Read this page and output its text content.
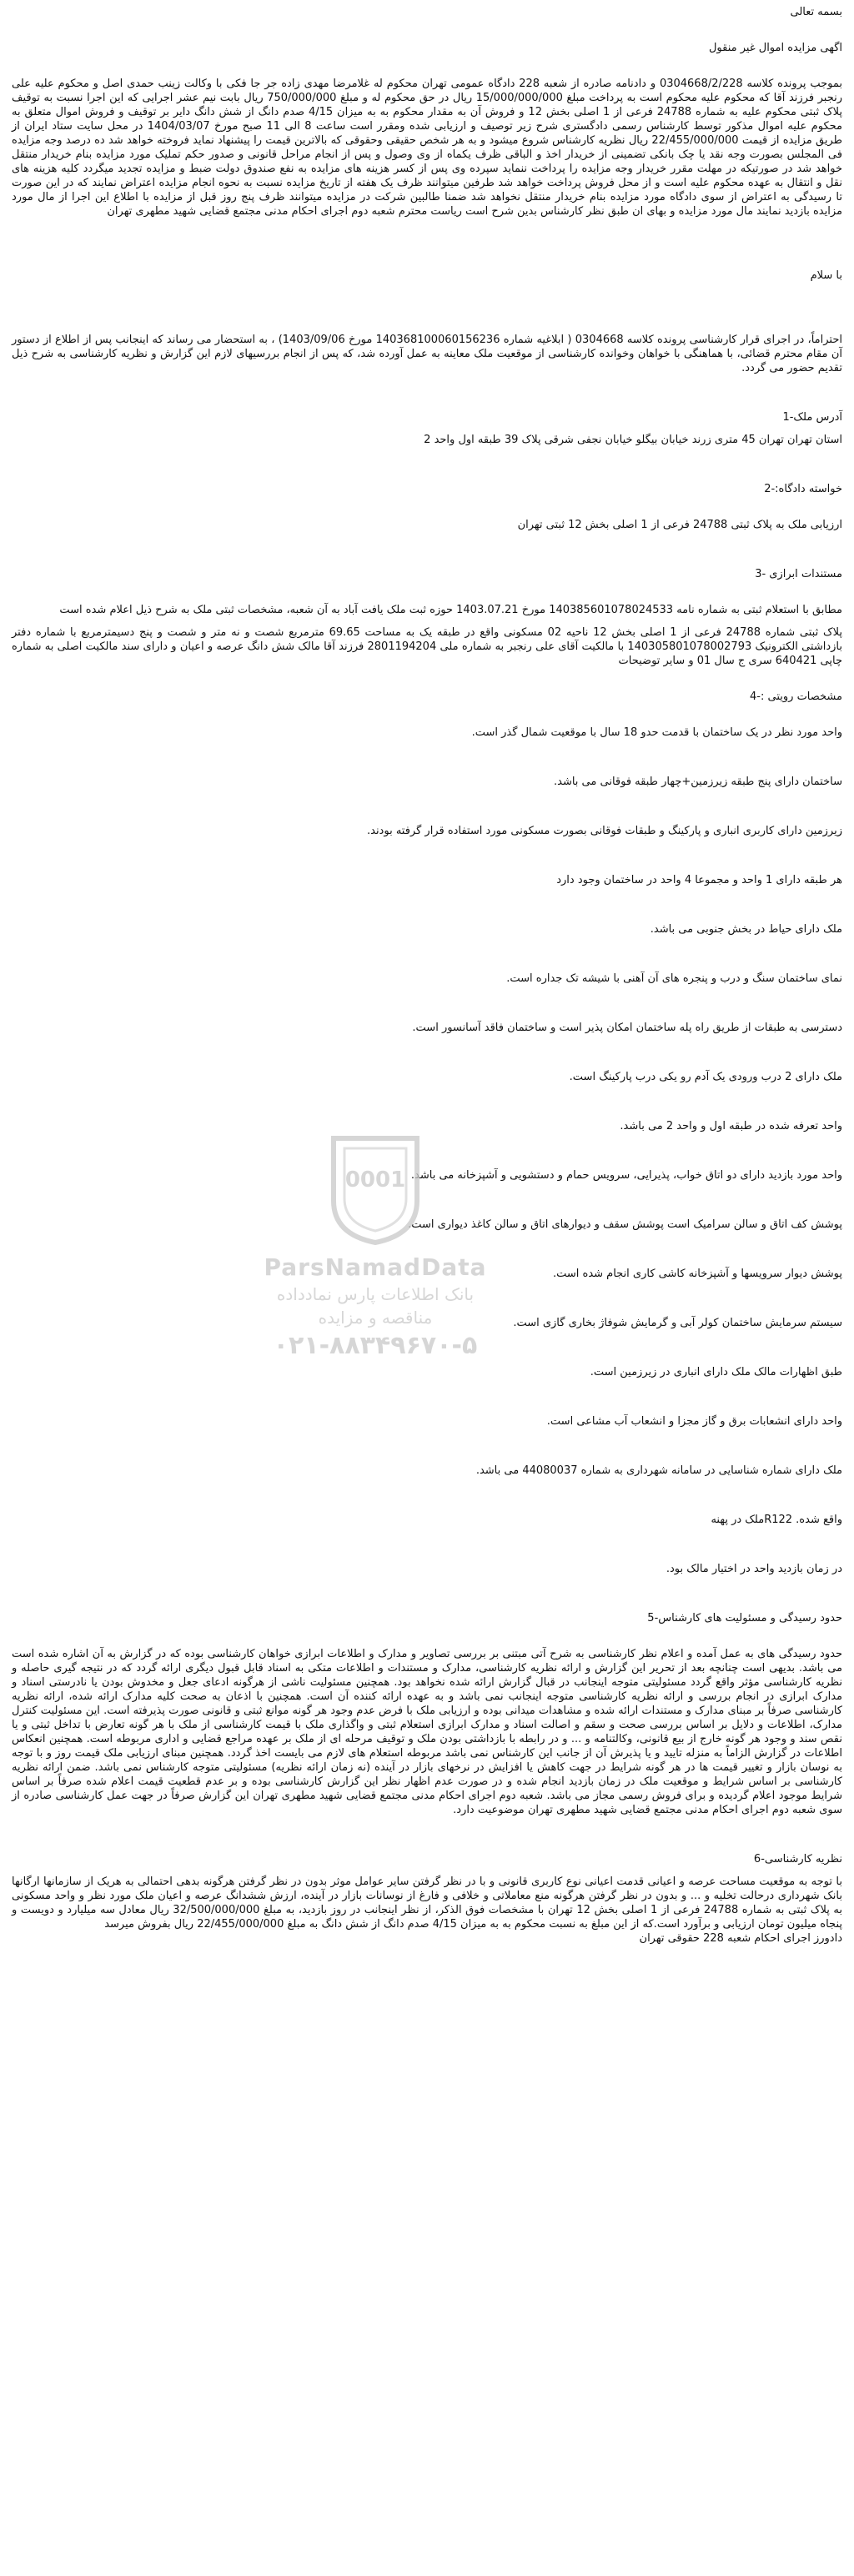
بسمه تعالی

اگهی مزایده اموال غیر منقول

بموجب پرونده کلاسه 0304668/2/228 و دادنامه صادره از شعبه 228 دادگاه عمومی تهران محکوم له غلامرضا مهدی زاده جر جا فکی با وکالت زینب حمدی اصل و محکوم علیه علی رنجبر فرزند آقا که محکوم علیه محکوم است به پرداخت مبلغ 15/000/000/000 ریال در حق محکوم له و مبلغ 750/000/000 ریال بابت نیم عشر اجرایی که این اجرا نسبت به توقیف پلاک ثبتی محکوم علیه به شماره 24788 فرعی از 1 اصلی بخش 12 و فروش آن به مقدار محکوم به به میزان 4/15 صدم دانگ از شش دانگ دایر بر توقیف و فروش اموال متعلق به محکوم علیه اموال مذکور توسط کارشناس رسمی دادگستری شرح زیر توصیف و ارزیابی شده ومقرر است ساعت 8 الی 11 صبح مورخ 1404/03/07 در محل سایت ستاد ایران از طریق مزایده از قیمت 22/455/000/000 ریال نظریه کارشناس شروع میشود و به هر شخص حقیقی وحقوقی که بالاترین قیمت را پیشنهاد نماید فروخته خواهد شد ده درصد وجه مزایده فی المجلس بصورت وجه نقد یا چک بانکی تضمینی از خریدار اخذ و الباقی ظرف یکماه از وی وصول و پس از انجام مراحل قانونی و صدور حکم تملیک مورد مزایده بنام خریدار منتقل خواهد شد در صورتیکه در مهلت مقرر خریدار وجه مزایده را پرداخت ننماید سپرده وی پس از کسر هزینه های مزایده به نفع صندوق دولت ضبط و مزایده تجدید میگردد کلیه هزینه های نقل و انتقال به عهده محکوم علیه است و از محل فروش پرداخت خواهد شد طرفین میتوانند ظرف یک هفته از تاریخ مزایده نسبت به نحوه انجام مزایده اعتراض نمایند که در این صورت تا رسیدگی به اعتراض از سوی دادگاه مورد مزایده بنام خریدار منتقل نخواهد شد ضمنا طالبین شرکت در مزایده میتوانند ظرف پنج روز قبل از مزایده با اطلاع این اجرا از مال مورد مزایده بازدید نمایند مال مورد مزایده و بهای ان طبق نظر کارشناس بدین شرح است ریاست محترم شعبه دوم اجرای احکام مدنی مجتمع قضایی شهید مطهری تهران

با سلام

احتراماً، در اجرای قرار کارشناسی پرونده کلاسه 0304668 ( ابلاغیه شماره 140368100060156236 مورخ 1403/09/06) ، به استحضار می رساند که اینجانب پس از اطلاع از دستور آن مقام محترم قضائی، با هماهنگی با خواهان وخوانده کارشناسی از موقعیت ملک معاینه به عمل آورده شد، که پس از انجام بررسیهای لازم این گزارش و نظریه کارشناسی به شرح ذیل تقدیم حضور می گردد.

آدرس ملک-1

استان تهران تهران 45 متری زرند خیابان بیگلو خیابان نجفی شرقی پلاک 39 طبقه اول واحد 2

خواسته دادگاه:-2

ارزیابی ملک به پلاک ثبتی 24788 فرعی از 1 اصلی بخش 12 ثبتی تهران

مستندات ابرازی -3

مطابق با استعلام ثبتی به شماره نامه 140385601078024533 مورخ 1403.07.21 حوزه ثبت ملک یافت آباد به آن شعبه، مشخصات ثبتی ملک به شرح ذیل اعلام شده است

پلاک ثبتی شماره 24788 فرعی از 1 اصلی بخش 12 ناحیه 02 مسکونی واقع در طبقه یک به مساحت 69.65 مترمربع شصت و نه متر و شصت و پنج دسیمترمربع با شماره دفتر بازداشتی الکترونیک 140305801078002793 با مالکیت آقای علی رنجبر به شماره ملی 2801194204 فرزند آقا مالک شش دانگ عرصه و اعیان و دارای سند مالکیت اصلی به شماره چاپی 640421 سری ج سال 01 و سایر توضیحات

مشخصات رویتی :-4

واحد مورد نظر در یک ساختمان با قدمت حدو 18 سال با موقعیت شمال گذر است.

ساختمان دارای پنج طبقه زیرزمین+چهار طبقه فوقانی می باشد.

زیرزمین دارای کاربری انباری و پارکینگ و طبقات فوقانی بصورت مسکونی مورد استفاده قرار گرفته بودند.

هر طبقه دارای 1 واحد و مجموعا 4 واحد در ساختمان وجود دارد

ملک دارای حیاط در بخش جنوبی می باشد.

نمای ساختمان سنگ و درب و پنجره های آن آهنی با شیشه تک جداره است.

دسترسی به طبقات از طریق راه پله ساختمان امکان پذیر است و ساختمان فاقد آسانسور است.

ملک دارای 2 درب ورودی یک آدم رو یکی درب پارکینگ است.

واحد تعرفه شده در طبقه اول و واحد 2 می باشد.

واحد مورد بازدید دارای دو اتاق خواب، پذیرایی، سرویس حمام و دستشویی و آشپزخانه می باشد.

پوشش کف اتاق و سالن سرامیک است پوشش سقف و دیوارهای اتاق و سالن کاغذ دیواری است.

پوشش دیوار سرویسها و آشپزخانه کاشی کاری انجام شده است.

سیستم سرمایش ساختمان کولر آبی و گرمایش شوفاژ بخاری گازی است.

طبق اظهارات مالک ملک دارای انباری در زیرزمین است.

واحد دارای انشعابات برق و گاز مجزا و انشعاب آب مشاعی است.

ملک دارای شماره شناسایی در سامانه شهرداری به شماره 44080037 می باشد.

واقع شده. R122ملک در پهنه

در زمان بازدید واحد در اختیار مالک بود.

حدود رسیدگی و مسئولیت های کارشناس-5

حدود رسیدگی های به عمل آمده و اعلام نظر کارشناسی به شرح آتی مبتنی بر بررسی تصاویر و مدارک و اطلاعات ابرازی خواهان کارشناسی بوده که در گزارش به آن اشاره شده است می باشد. بدیهی است چنانچه بعد از تحریر این گزارش و ارائه نظریه کارشناسی، مدارک و مستندات و اطلاعات متکی به اسناد قابل قبول دیگری ارائه گردد که در نتیجه گیری حاصله و نظریه کارشناسی مؤثر واقع گردد مسئولیتی متوجه اینجانب در قبال گزارش ارائه شده نخواهد بود. همچنین مسئولیت ناشی از هرگونه ادعای جعل و مخدوش بودن یا نادرستی اسناد و مدارک ابرازی در انجام بررسی و ارائه نظریه کارشناسی متوجه اینجانب نمی باشد و به عهده ارائه کننده آن است. همچنین با اذعان به صحت کلیه مدارک ارائه شده، ارائه نظریه کارشناسی صرفاً بر مبنای مدارک و مستندات ارائه شده و مشاهدات میدانی بوده و ارزیابی ملک با فرض عدم وجود هر گونه موانع ثبتی و قانونی صورت پذیرفته است. این مسئولیت کنترل مدارک، اطلاعات و دلایل بر اساس بررسی صحت و سقم و اصالت اسناد و مدارک ابرازی استعلام ثبتی و واگذاری ملک با قیمت کارشناسی از ملک با هر گونه تعارض با تداخل ثبتی و یا نقص سند و وجود هر گونه خارج از بیع قانونی، وکالتنامه و ... و در رابطه با بازداشتی بودن ملک و توقیف مرحله ای از ملک بر عهده مراجع قضایی و اداری مربوطه است. همچنین انعکاس اطلاعات در گزارش الزاماً به منزله تایید و یا پذیرش آن از جانب این کارشناس نمی باشد مربوطه استعلام های لازم می بایست اخذ گردد. همچنین مبنای ارزیابی ملک قیمت روز و با توجه به نوسان بازار و تغییر قیمت ها در هر گونه شرایط در جهت کاهش یا افزایش در نرخهای بازار در آینده (نه زمان ارائه نظریه) مسئولیتی متوجه کارشناس نمی باشد. ضمن ارائه نظریه کارشناسی بر اساس شرایط و موقعیت ملک در زمان بازدید انجام شده و در صورت عدم اظهار نظر این گزارش کارشناسی بوده و بر عدم قطعیت قیمت اعلام شده صرفاً بر اساس شرایط موجود اعلام گردیده و برای فروش رسمی مجاز می باشد. شعبه دوم اجرای احکام مدنی مجتمع قضایی شهید مطهری تهران این گزارش صرفاً در جهت عمل کارشناسی صادره از سوی شعبه دوم اجرای احکام مدنی مجتمع قضایی شهید مطهری تهران موضوعیت دارد.

نظریه کارشناسی-6

با توجه به موقعیت مساحت عرصه و اعیانی قدمت اعیانی نوع کاربری قانونی و با در نظر گرفتن سایر عوامل موثر بدون در نظر گرفتن هرگونه بدهی احتمالی به هریک از سازمانها ارگانها بانک شهرداری درحالت تخلیه و ... و بدون در نظر گرفتن هرگونه منع معاملاتی و خلافی و فارغ از نوسانات بازار در آینده، ارزش ششدانگ عرصه و اعیان ملک مورد نظر و واحد مسکونی به پلاک ثبتی به شماره 24788 فرعی از 1 اصلی بخش 12 تهران با مشخصات فوق الذکر، از نظر اینجانب در روز بازدید، به مبلغ 32/500/000/000 ریال معادل سه میلیارد و دویست و پنجاه میلیون تومان ارزیابی و برآورد است.که از این مبلغ به نسبت محکوم به به میزان 4/15 صدم دانگ از شش دانگ به مبلغ 22/455/000/000 ریال بفروش میرسد

دادورز اجرای احکام شعبه 228 حقوقی تهران

0001
ParsNamadData
بانک اطلاعات پارس نمادداده
مناقصه و مزایده
۰۲۱-۸۸۳۴۹۶۷۰-۵
